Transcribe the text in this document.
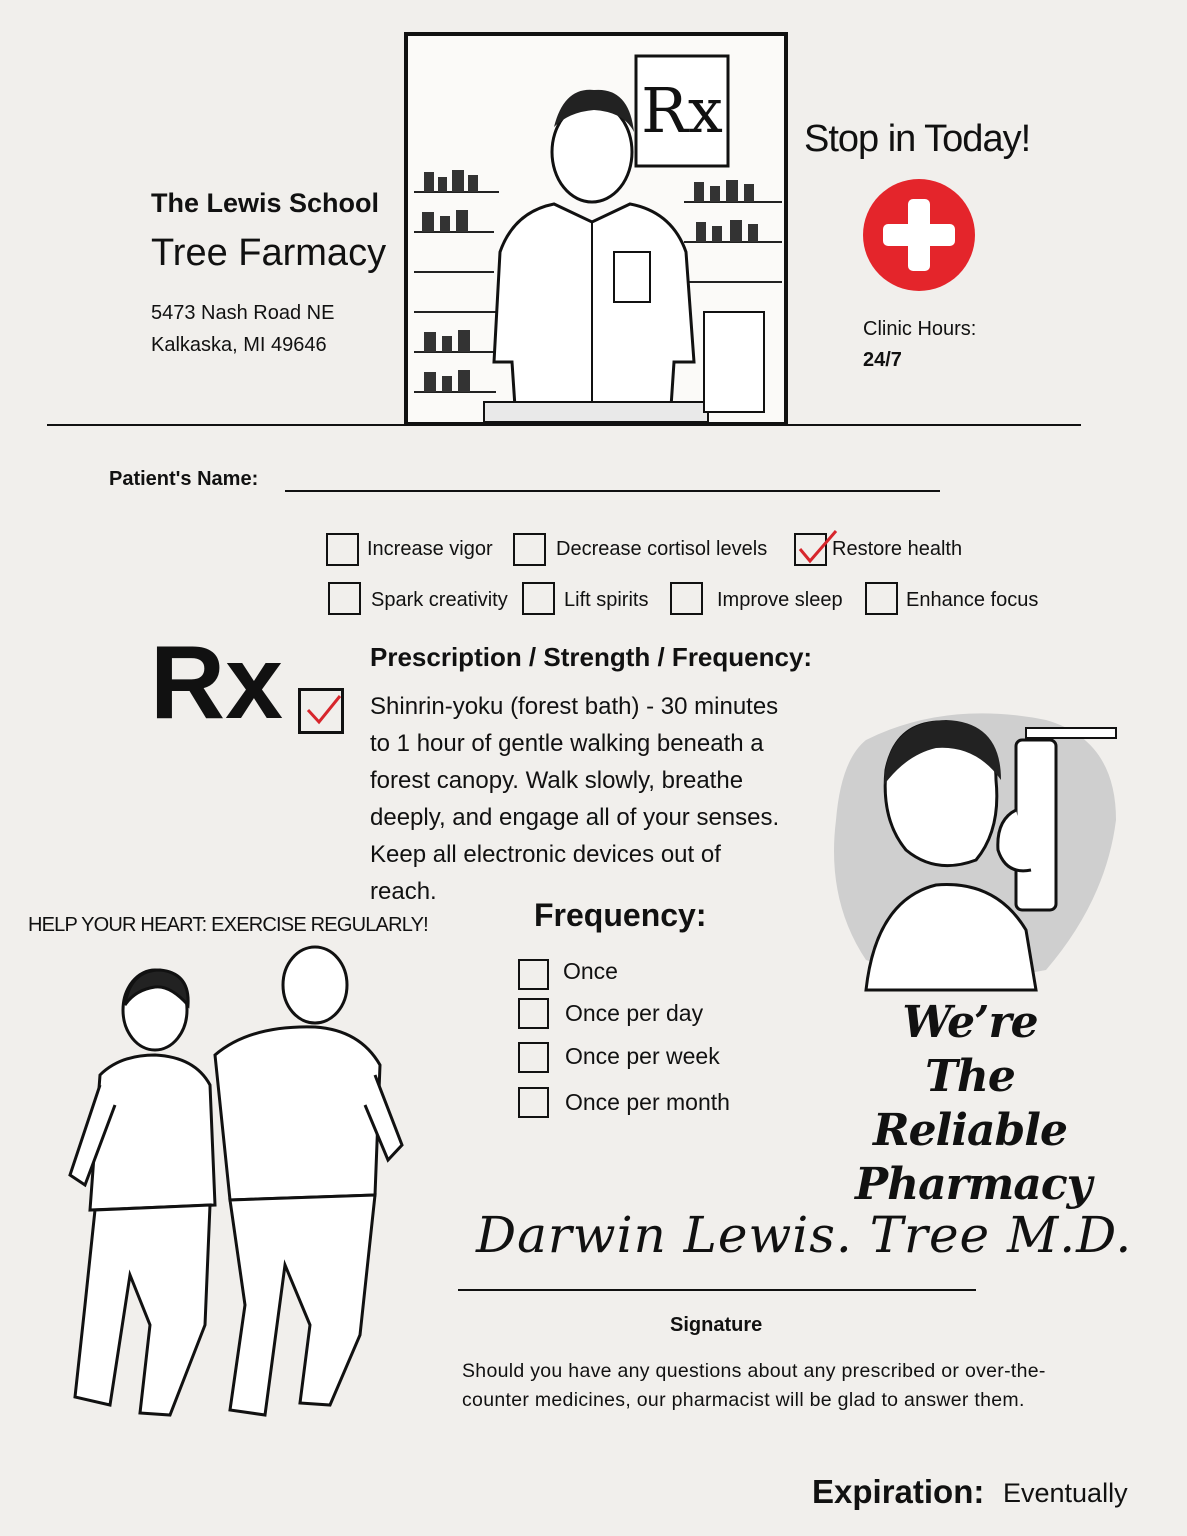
The Lewis School
Tree Farmacy
5473 Nash Road NE
Kalkaska, MI 49646
Rx Stop in Today!
Clinic Hours:
24/7
Patient's Name:
Increase vigor	Decrease cortisol levels	Restore health
Spark creativity	Lift spirits	Improve sleep	Enhance focus
Rx	Prescription / Strength / Frequency:
Shinrin-yoku (forest bath) - 30 minutes
to 1 hour of gentle walking beneath a
forest canopy. Walk slowly, breathe
deeply, and engage all of your senses.
Keep all electronic devices out of
reach.
We’re The
Reliable
Pharmacy
HELP YOUR HEART: EXERCISE REGULARLY!	Frequency:
Once
Once per day
Once per week
Once per month
Darwin Lewis. Tree M.D.
Signature
Should you have any questions about any prescribed or over-the-
counter medicines, our pharmacist will be glad to answer them.
Expiration: Eventually
